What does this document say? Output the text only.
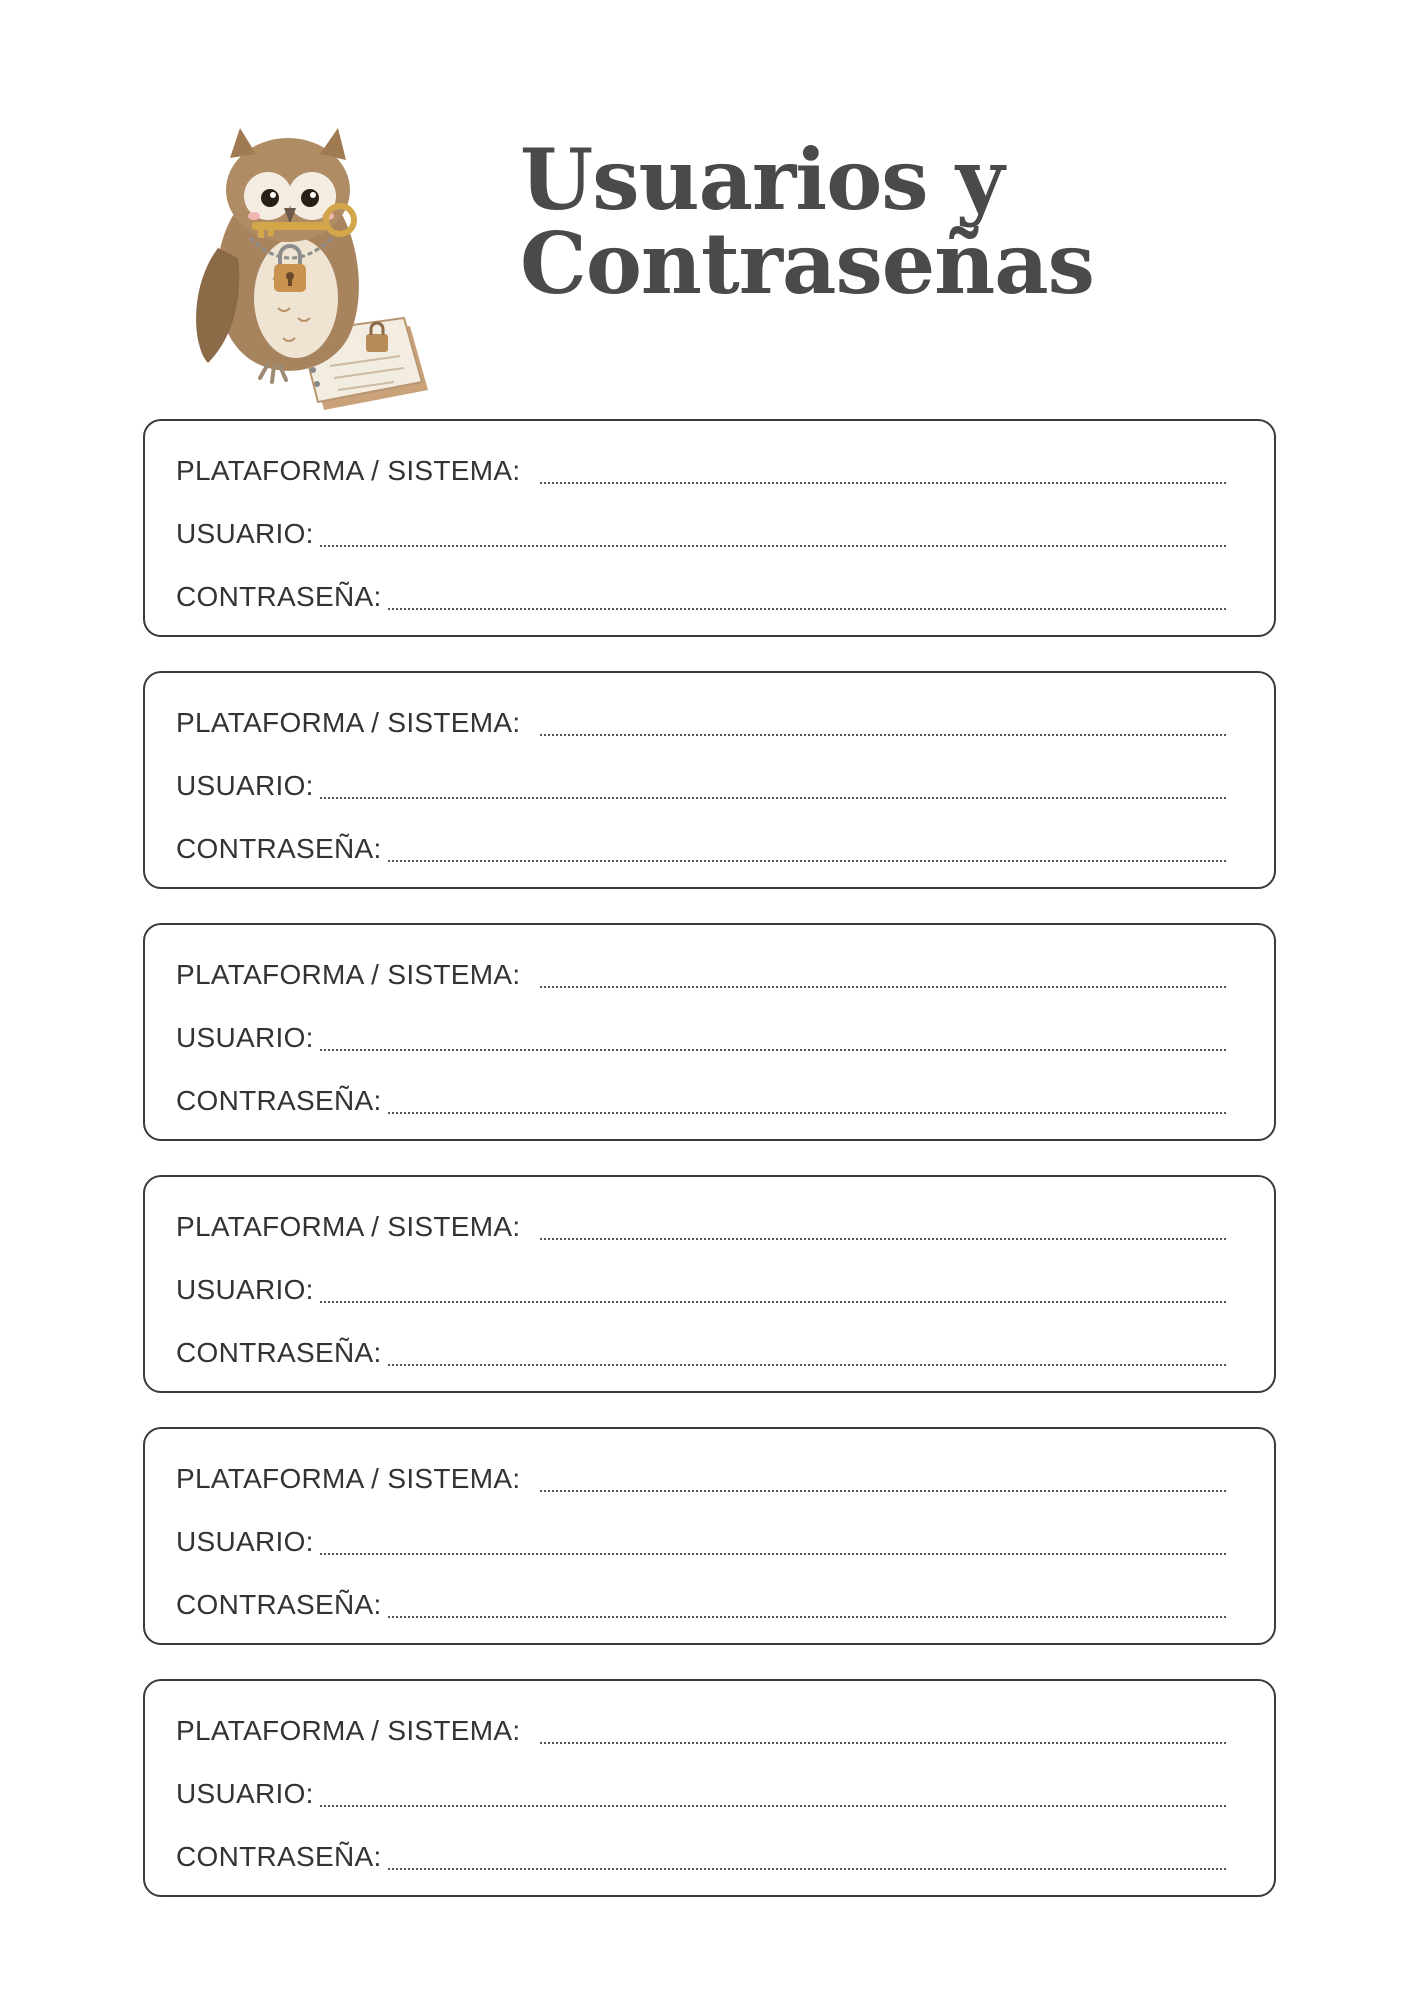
Usuarios y
Contraseñas
PLATAFORMA / SISTEMA:
USUARIO:
CONTRASEÑA:
PLATAFORMA / SISTEMA:
USUARIO:
CONTRASEÑA:
PLATAFORMA / SISTEMA:
USUARIO:
CONTRASEÑA:
PLATAFORMA / SISTEMA:
USUARIO:
CONTRASEÑA:
PLATAFORMA / SISTEMA:
USUARIO:
CONTRASEÑA:
PLATAFORMA / SISTEMA:
USUARIO:
CONTRASEÑA:
